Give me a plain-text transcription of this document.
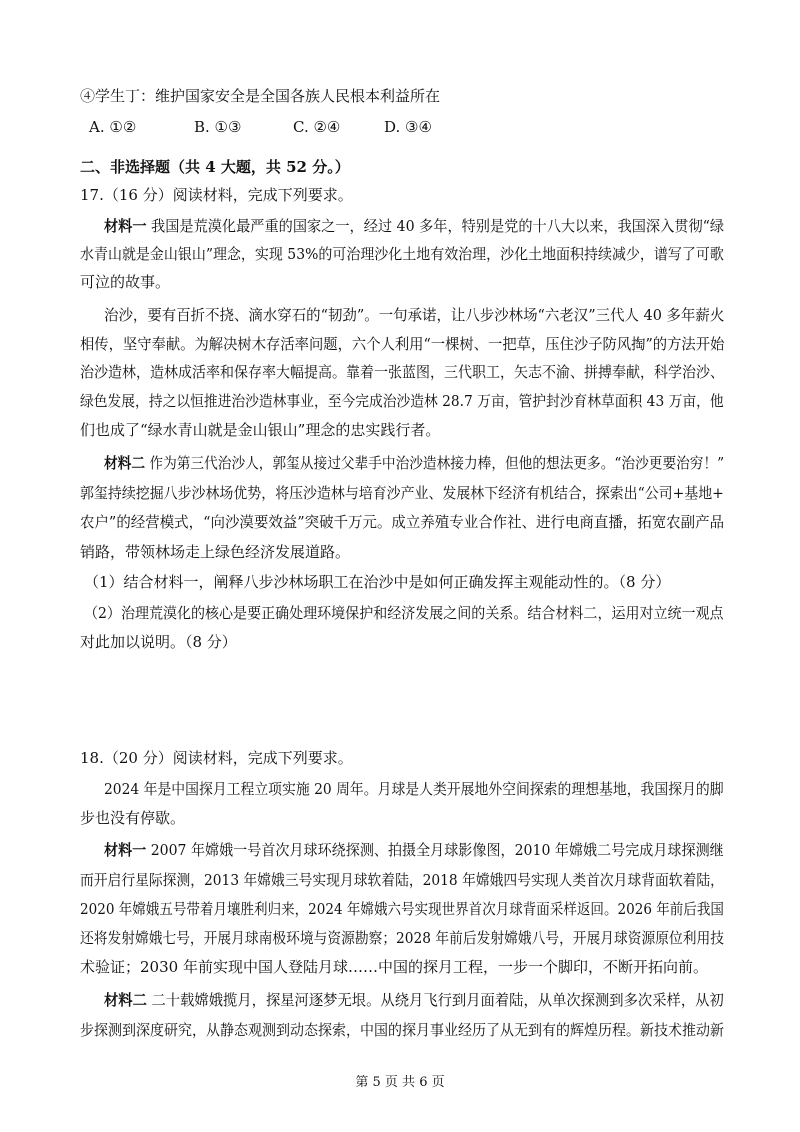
④学生丁：维护国家安全是全国各族人民根本利益所在
A. ①②	B. ①③	C. ②④	D. ③④
二、非选择题（共 4 大题，共 52 分。）
17.（16 分）阅读材料，完成下列要求。
材料一 我国是荒漠化最严重的国家之一，经过 40 多年，特别是党的十八大以来，我国深入贯彻“绿
水青山就是金山银山”理念，实现 53%的可治理沙化土地有效治理，沙化土地面积持续减少，谱写了可歌
可泣的故事。
治沙，要有百折不挠、滴水穿石的“韧劲”。一句承诺，让八步沙林场“六老汉”三代人 40 多年薪火
相传，坚守奉献。为解决树木存活率问题，六个人利用“一棵树、一把草，压住沙子防风掏”的方法开始
治沙造林，造林成活率和保存率大幅提高。靠着一张蓝图，三代职工，矢志不渝、拼搏奉献，科学治沙、
绿色发展，持之以恒推进治沙造林事业，至今完成治沙造林 28.7 万亩，管护封沙育林草面积 43 万亩，他
们也成了“绿水青山就是金山银山”理念的忠实践行者。
材料二 作为第三代治沙人，郭玺从接过父辈手中治沙造林接力棒，但他的想法更多。“治沙更要治穷！”
郭玺持续挖掘八步沙林场优势，将压沙造林与培育沙产业、发展林下经济有机结合，探索出“公司+基地+
农户”的经营模式，“向沙漠要效益”突破千万元。成立养殖专业合作社、进行电商直播，拓宽农副产品
销路，带领林场走上绿色经济发展道路。
（1）结合材料一，阐释八步沙林场职工在治沙中是如何正确发挥主观能动性的。（8 分）
（2）治理荒漠化的核心是要正确处理环境保护和经济发展之间的关系。结合材料二，运用对立统一观点
对此加以说明。（8 分）
18.（20 分）阅读材料，完成下列要求。
2024 年是中国探月工程立项实施 20 周年。月球是人类开展地外空间探索的理想基地，我国探月的脚
步也没有停歇。
材料一 2007 年嫦娥一号首次月球环绕探测、拍摄全月球影像图，2010 年嫦娥二号完成月球探测继
而开启行星际探测，2013 年嫦娥三号实现月球软着陆，2018 年嫦娥四号实现人类首次月球背面软着陆，
2020 年嫦娥五号带着月壤胜利归来，2024 年嫦娥六号实现世界首次月球背面采样返回。2026 年前后我国
还将发射嫦娥七号，开展月球南极环境与资源勘察；2028 年前后发射嫦娥八号，开展月球资源原位利用技
术验证；2030 年前实现中国人登陆月球……中国的探月工程，一步一个脚印，不断开拓向前。
材料二 二十载嫦娥揽月，探星河逐梦无垠。从绕月飞行到月面着陆，从单次探测到多次采样，从初
步探测到深度研究，从静态观测到动态探索，中国的探月事业经历了从无到有的辉煌历程。新技术推动新
第 5 页 共 6 页
